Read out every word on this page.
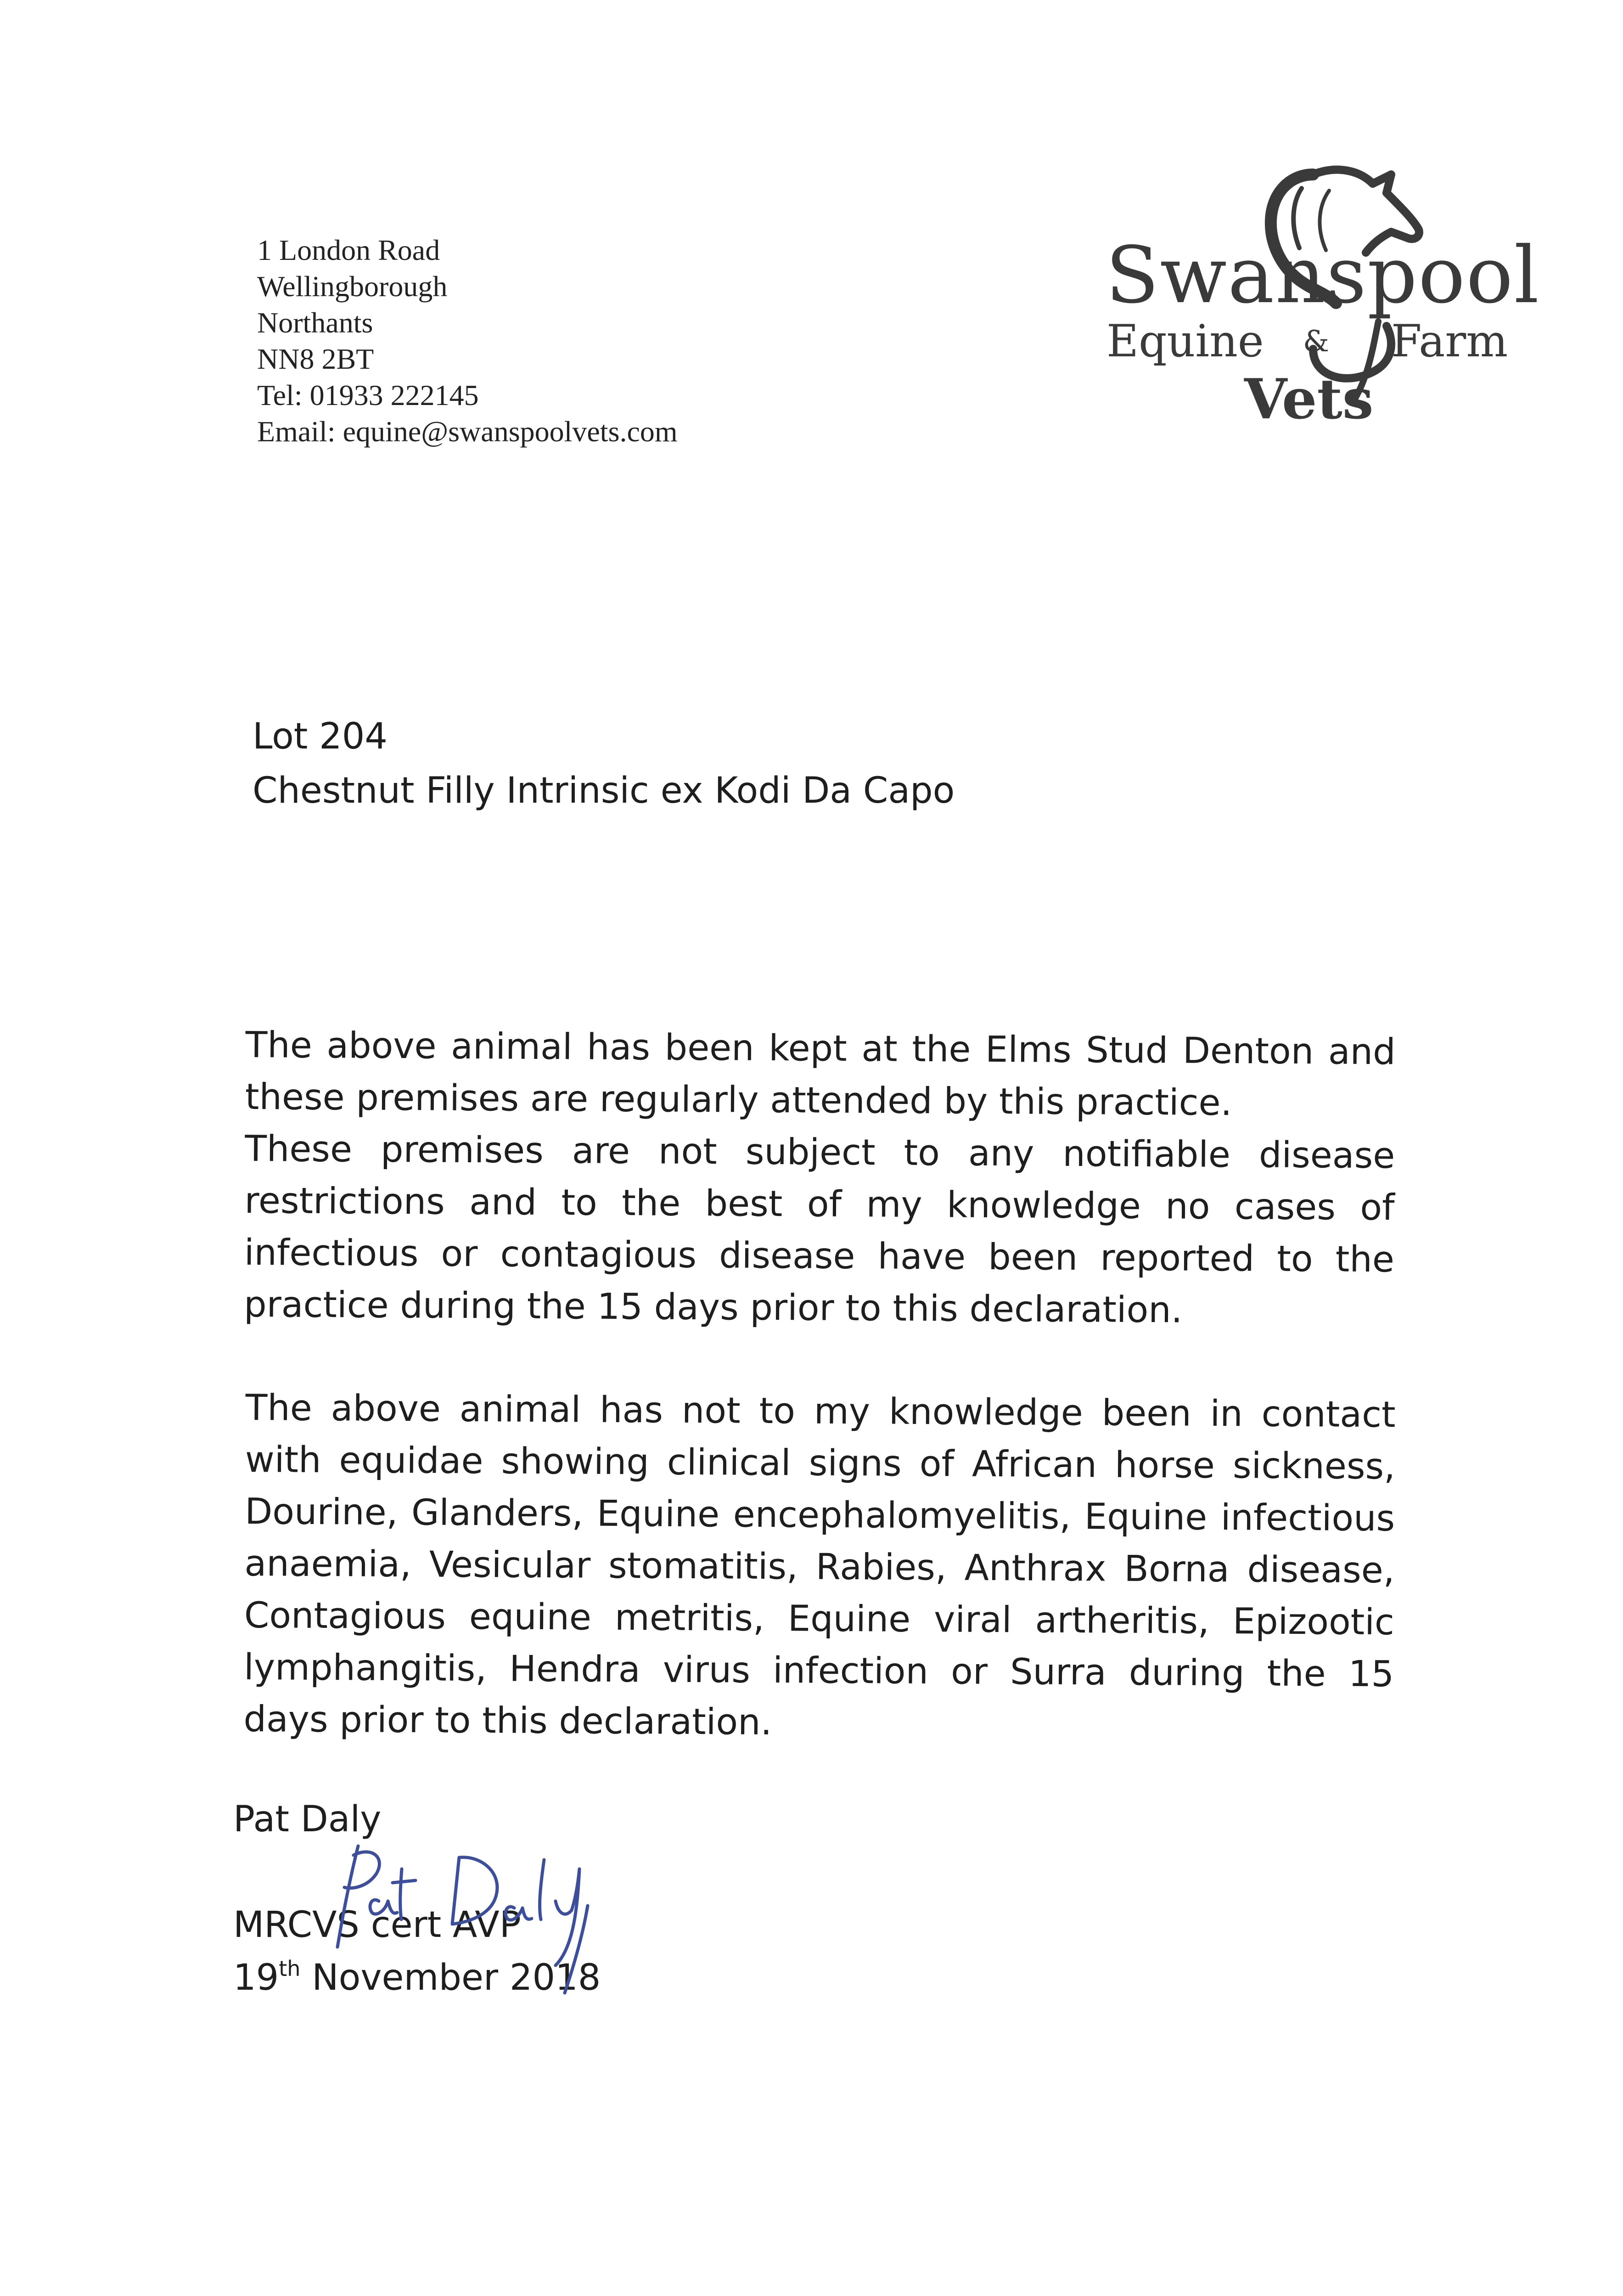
1 London Road
Wellingborough
Northants
NN8 2BT
Tel: 01933 222145
Email: equine@swanspoolvets.com
Swanspool
Equine & Farm
Vets
Lot 204
Chestnut Filly Intrinsic ex Kodi Da Capo

The above animal has been kept at the Elms Stud Denton and these premises are regularly attended by this practice.

These premises are not subject to any notifiable disease restrictions and to the best of my knowledge no cases of infectious or contagious disease have been reported to the practice during the 15 days prior to this declaration.

The above animal has not to my knowledge been in contact with equidae showing clinical signs of African horse sickness, Dourine, Glanders, Equine encephalomyelitis, Equine infectious anaemia, Vesicular stomatitis, Rabies, Anthrax Borna disease, Contagious equine metritis, Equine viral artheritis, Epizootic lymphangitis, Hendra virus infection or Surra during the 15 days prior to this declaration.

Pat Daly
MRCVS cert AVP
19th November 2018
